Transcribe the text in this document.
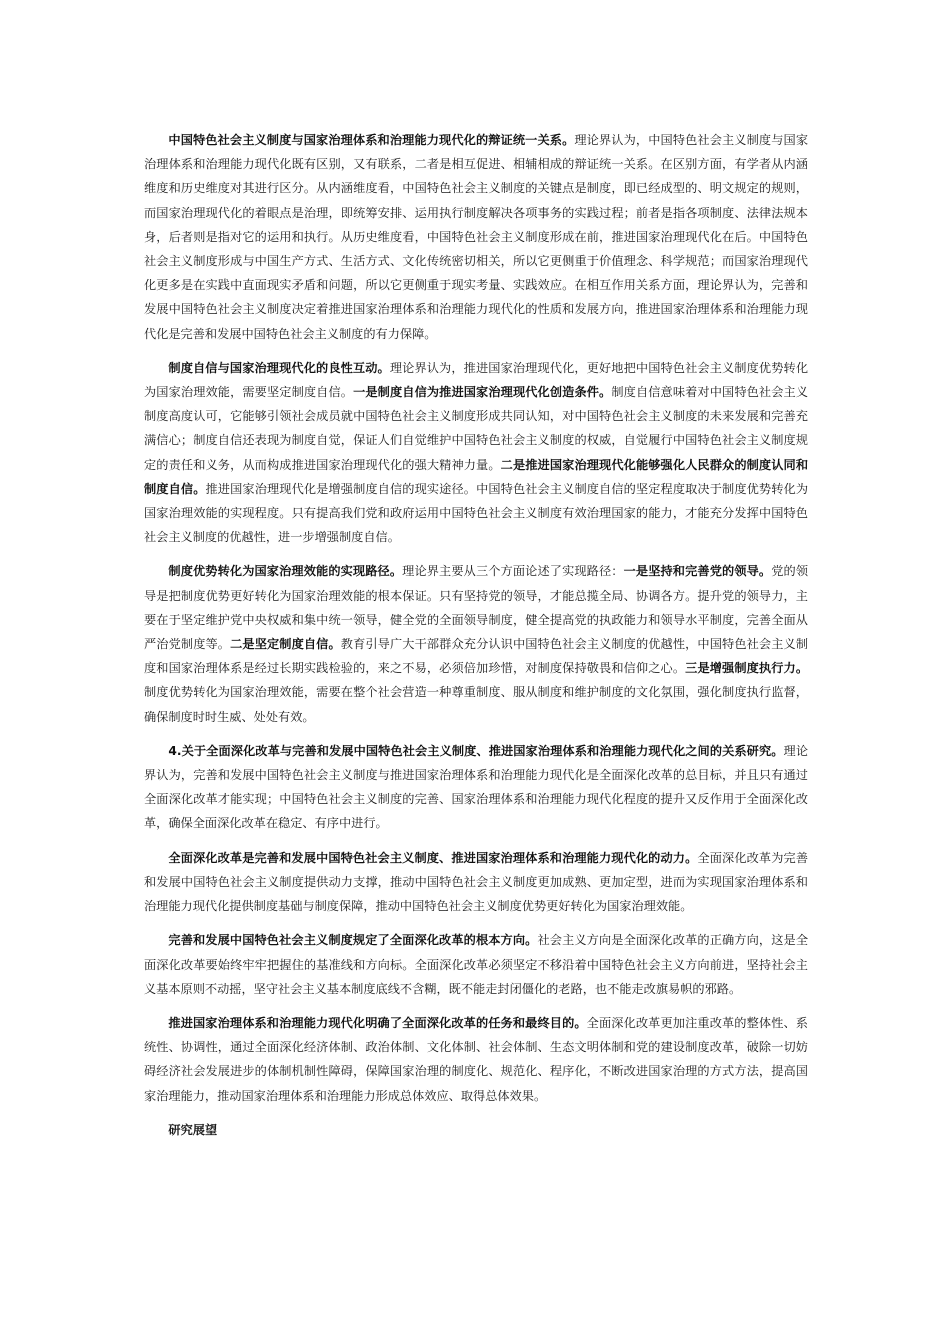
中国特色社会主义制度与国家治理体系和治理能力现代化的辩证统一关系。理论界认为，中国特色社会主义制度与国家治理体系和治理能力现代化既有区别，又有联系，二者是相互促进、相辅相成的辩证统一关系。在区别方面，有学者从内涵维度和历史维度对其进行区分。从内涵维度看，中国特色社会主义制度的关键点是制度，即已经成型的、明文规定的规则，而国家治理现代化的着眼点是治理，即统筹安排、运用执行制度解决各项事务的实践过程；前者是指各项制度、法律法规本身，后者则是指对它的运用和执行。从历史维度看，中国特色社会主义制度形成在前，推进国家治理现代化在后。中国特色社会主义制度形成与中国生产方式、生活方式、文化传统密切相关，所以它更侧重于价值理念、科学规范；而国家治理现代化更多是在实践中直面现实矛盾和问题，所以它更侧重于现实考量、实践效应。在相互作用关系方面，理论界认为，完善和发展中国特色社会主义制度决定着推进国家治理体系和治理能力现代化的性质和发展方向，推进国家治理体系和治理能力现代化是完善和发展中国特色社会主义制度的有力保障。

制度自信与国家治理现代化的良性互动。理论界认为，推进国家治理现代化，更好地把中国特色社会主义制度优势转化为国家治理效能，需要坚定制度自信。一是制度自信为推进国家治理现代化创造条件。制度自信意味着对中国特色社会主义制度高度认可，它能够引领社会成员就中国特色社会主义制度形成共同认知，对中国特色社会主义制度的未来发展和完善充满信心；制度自信还表现为制度自觉，保证人们自觉维护中国特色社会主义制度的权威，自觉履行中国特色社会主义制度规定的责任和义务，从而构成推进国家治理现代化的强大精神力量。二是推进国家治理现代化能够强化人民群众的制度认同和制度自信。推进国家治理现代化是增强制度自信的现实途径。中国特色社会主义制度自信的坚定程度取决于制度优势转化为国家治理效能的实现程度。只有提高我们党和政府运用中国特色社会主义制度有效治理国家的能力，才能充分发挥中国特色社会主义制度的优越性，进一步增强制度自信。

制度优势转化为国家治理效能的实现路径。理论界主要从三个方面论述了实现路径：一是坚持和完善党的领导。党的领导是把制度优势更好转化为国家治理效能的根本保证。只有坚持党的领导，才能总揽全局、协调各方。提升党的领导力，主要在于坚定维护党中央权威和集中统一领导，健全党的全面领导制度，健全提高党的执政能力和领导水平制度，完善全面从严治党制度等。二是坚定制度自信。教育引导广大干部群众充分认识中国特色社会主义制度的优越性，中国特色社会主义制度和国家治理体系是经过长期实践检验的，来之不易，必须倍加珍惜，对制度保持敬畏和信仰之心。三是增强制度执行力。制度优势转化为国家治理效能，需要在整个社会营造一种尊重制度、服从制度和维护制度的文化氛围，强化制度执行监督，确保制度时时生威、处处有效。

4.关于全面深化改革与完善和发展中国特色社会主义制度、推进国家治理体系和治理能力现代化之间的关系研究。理论界认为，完善和发展中国特色社会主义制度与推进国家治理体系和治理能力现代化是全面深化改革的总目标，并且只有通过全面深化改革才能实现；中国特色社会主义制度的完善、国家治理体系和治理能力现代化程度的提升又反作用于全面深化改革，确保全面深化改革在稳定、有序中进行。

全面深化改革是完善和发展中国特色社会主义制度、推进国家治理体系和治理能力现代化的动力。全面深化改革为完善和发展中国特色社会主义制度提供动力支撑，推动中国特色社会主义制度更加成熟、更加定型，进而为实现国家治理体系和治理能力现代化提供制度基础与制度保障，推动中国特色社会主义制度优势更好转化为国家治理效能。

完善和发展中国特色社会主义制度规定了全面深化改革的根本方向。社会主义方向是全面深化改革的正确方向，这是全面深化改革要始终牢牢把握住的基准线和方向标。全面深化改革必须坚定不移沿着中国特色社会主义方向前进，坚持社会主义基本原则不动摇，坚守社会主义基本制度底线不含糊，既不能走封闭僵化的老路，也不能走改旗易帜的邪路。

推进国家治理体系和治理能力现代化明确了全面深化改革的任务和最终目的。全面深化改革更加注重改革的整体性、系统性、协调性，通过全面深化经济体制、政治体制、文化体制、社会体制、生态文明体制和党的建设制度改革，破除一切妨碍经济社会发展进步的体制机制性障碍，保障国家治理的制度化、规范化、程序化，不断改进国家治理的方式方法，提高国家治理能力，推动国家治理体系和治理能力形成总体效应、取得总体效果。

研究展望
